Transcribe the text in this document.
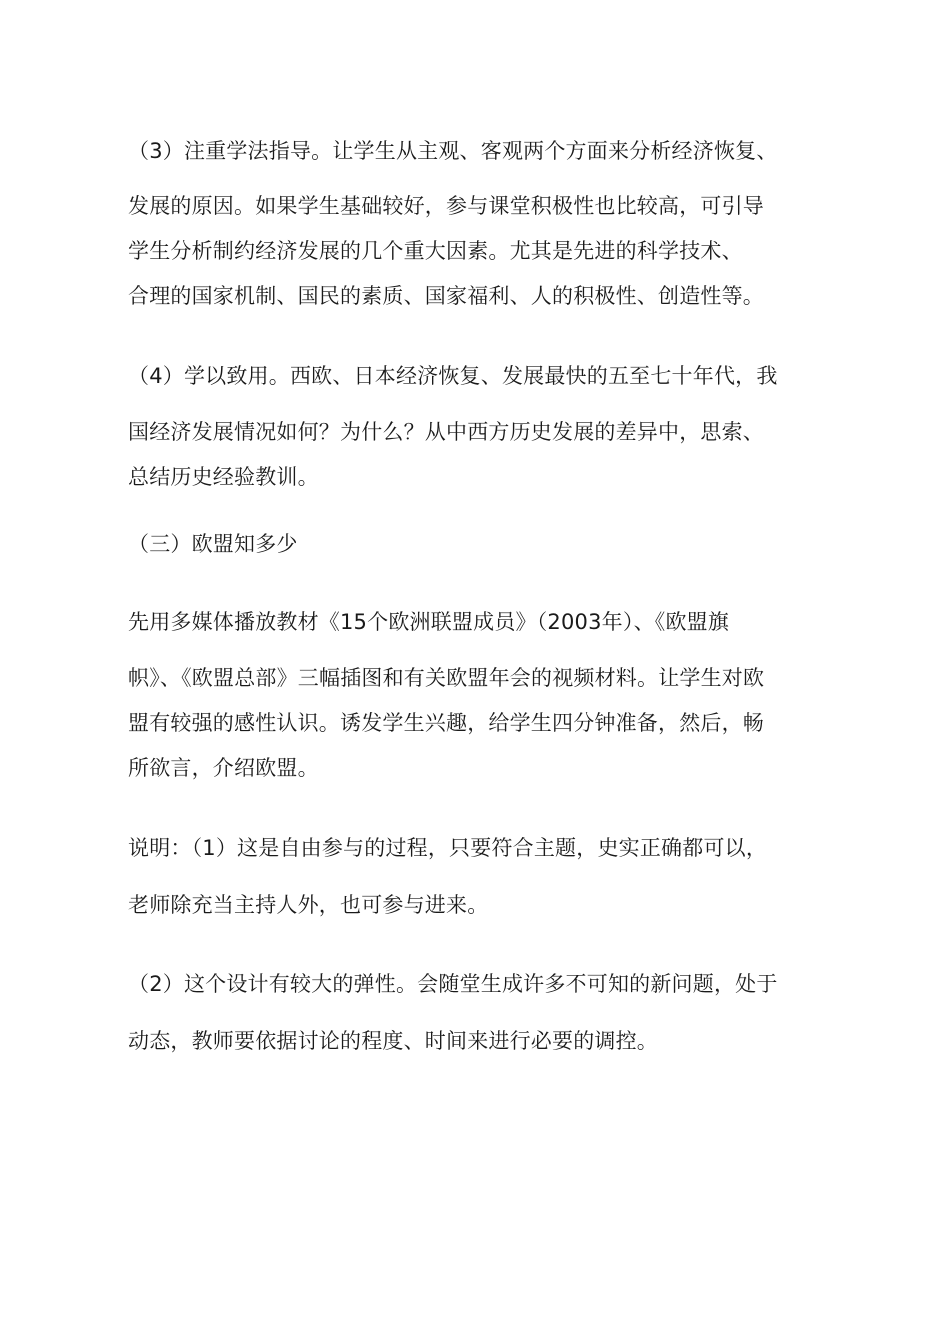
（3）注重学法指导。让学生从主观、客观两个方面来分析经济恢复、
发展的原因。如果学生基础较好，参与课堂积极性也比较高，可引导
学生分析制约经济发展的几个重大因素。尤其是先进的科学技术、
合理的国家机制、国民的素质、国家福利、人的积极性、创造性等。
（4）学以致用。西欧、日本经济恢复、发展最快的五至七十年代，我
国经济发展情况如何？为什么？从中西方历史发展的差异中，思索、
总结历史经验教训。
（三）欧盟知多少
先用多媒体播放教材《15个欧洲联盟成员》（2003年）、《欧盟旗
帜》、《欧盟总部》三幅插图和有关欧盟年会的视频材料。让学生对欧
盟有较强的感性认识。诱发学生兴趣，给学生四分钟准备，然后，畅
所欲言，介绍欧盟。
说明：（1）这是自由参与的过程，只要符合主题，史实正确都可以，
老师除充当主持人外，也可参与进来。
（2）这个设计有较大的弹性。会随堂生成许多不可知的新问题，处于
动态，教师要依据讨论的程度、时间来进行必要的调控。
